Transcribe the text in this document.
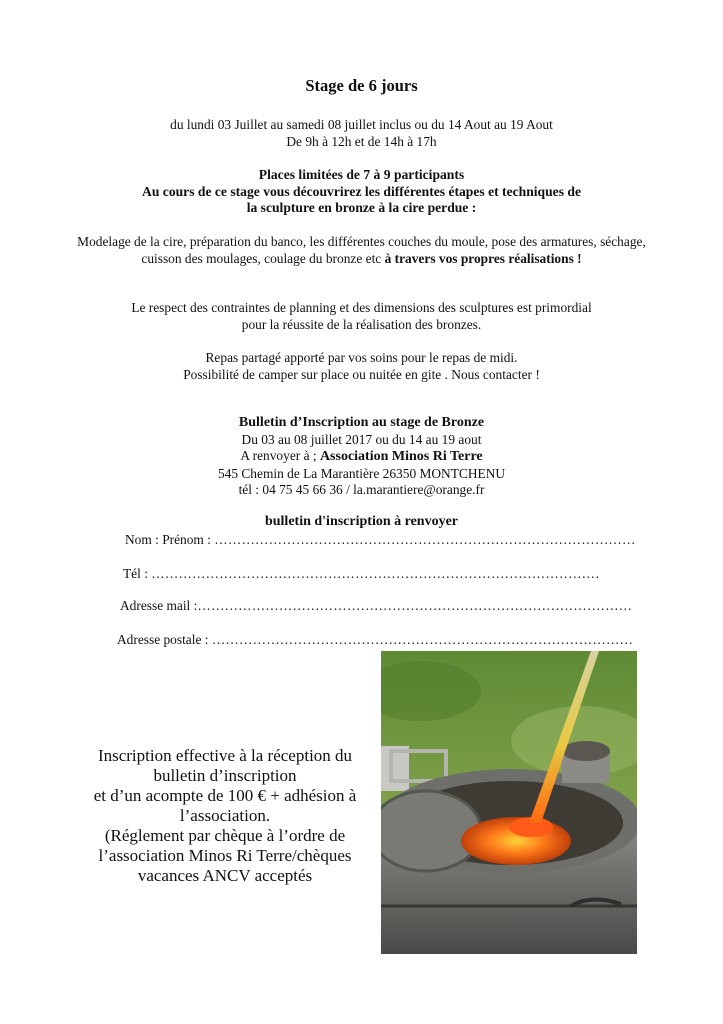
Stage de 6 jours
du lundi 03 Juillet au samedi 08 juillet inclus ou du 14 Aout au 19 Aout
De 9h à 12h et de 14h à 17h
Places limitées de 7 à 9 participants
Au cours de ce stage vous découvrirez les différentes étapes et techniques de
la sculpture en bronze à la cire perdue :
Modelage de la cire, préparation du banco, les différentes couches du moule, pose des armatures, séchage, cuisson des moulages, coulage du bronze etc à travers vos propres réalisations !
Le respect des contraintes de planning et des dimensions des sculptures est primordial
pour la réussite de la réalisation des bronzes.
Repas partagé apporté par vos soins pour le repas de midi.
Possibilité de camper sur place ou nuitée en gite . Nous contacter !
Bulletin d’Inscription au stage de Bronze
Du 03 au 08 juillet 2017 ou du 14 au 19 aout
A renvoyer à ; Association Minos Ri Terre
545 Chemin de La Marantière 26350 MONTCHENU
tél : 04 75 45 66 36 / la.marantiere@orange.fr
bulletin d'inscription à renvoyer
Nom : Prénom : …………………………………………………………………………………
Tél : ………………………………………………………………………………………
Adresse mail :……………………………………………………………………………………
Adresse postale : …………………………………………………………………………………
Inscription effective à la réception du
bulletin d’inscription
et d’un acompte de 100 € + adhésion à
l’association.
(Réglement par chèque à l’ordre de
l’association Minos Ri Terre/chèques
vacances ANCV acceptés
